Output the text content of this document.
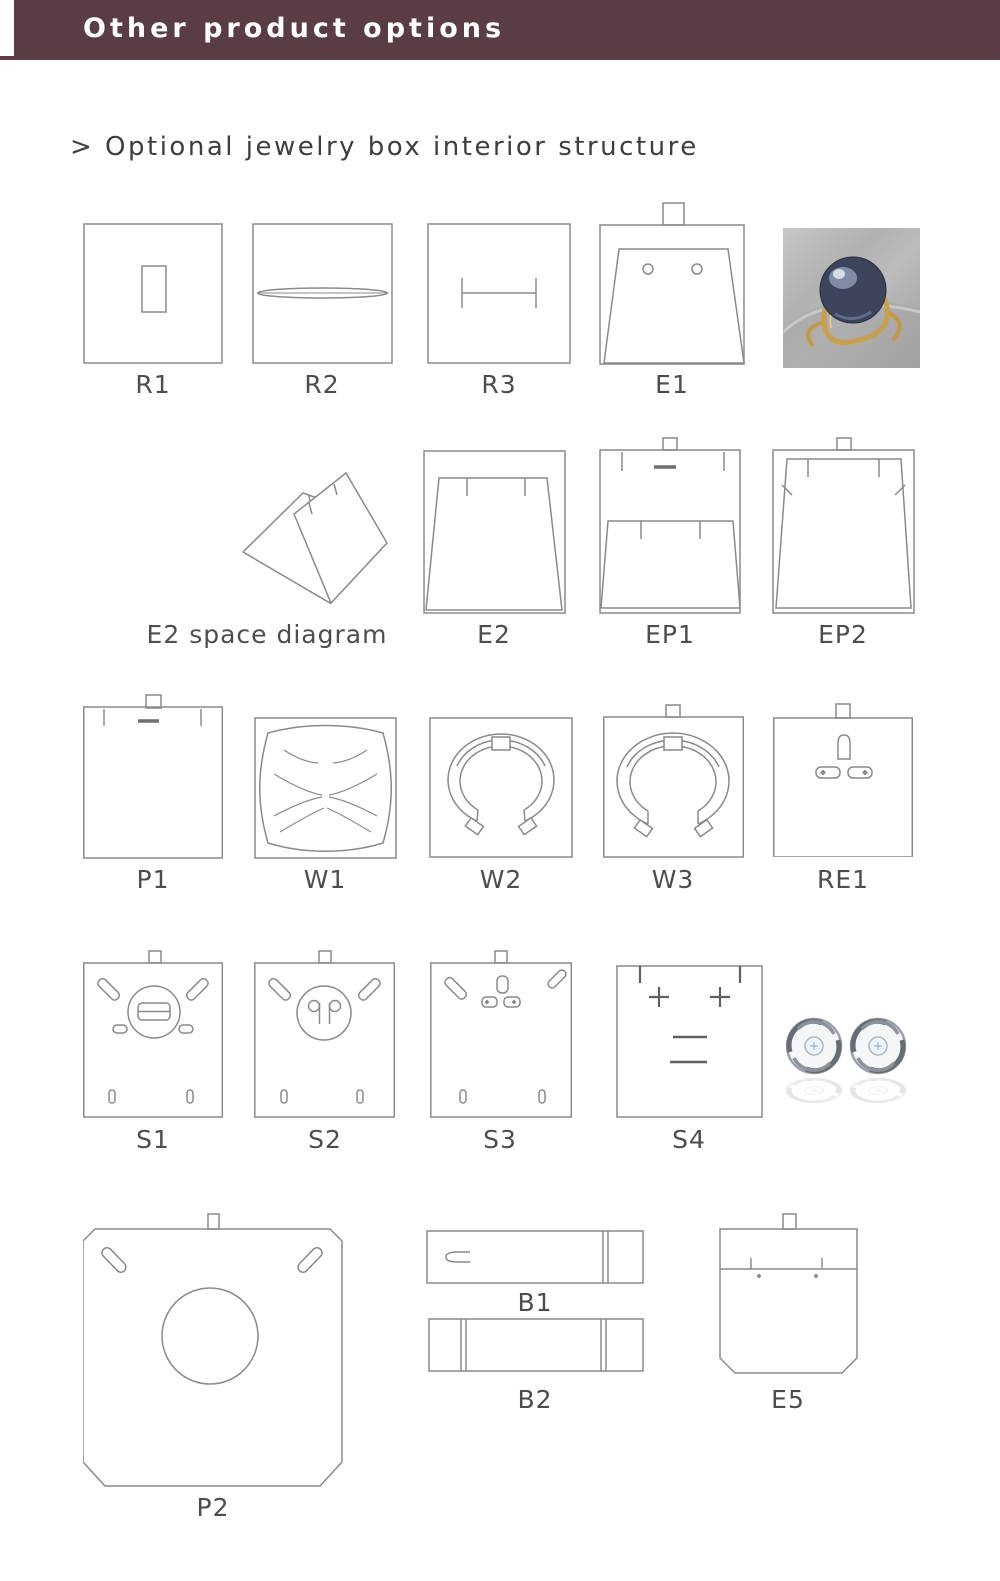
Other product options
> Optional jewelry box interior structure
R1	R2	R3	E1
E2 space diagram	E2	EP1	EP2
P1	W1	W2	W3	RE1
S1	S2	S3	S4
P2
B1
B2	E5
